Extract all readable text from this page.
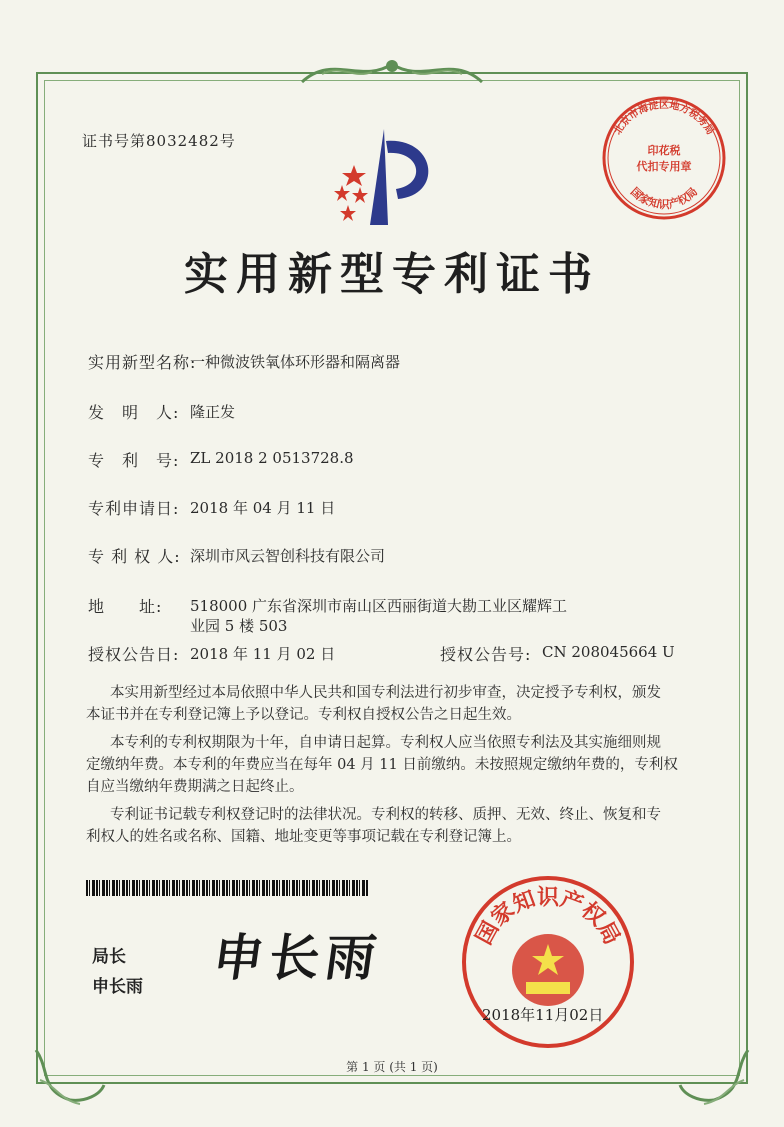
证书号第8032482号
北京市海淀区地方税务局
印花税
代扣专用章
国家知识产权局
实用新型专利证书
实用新型名称:
一种微波铁氧体环形器和隔离器
发　明　人: 隆正发
专　利　号: ZL 2018 2 0513728.8
专利申请日: 2018 年 04 月 11 日
专 利 权 人: 深圳市风云智创科技有限公司
地　　址: 518000 广东省深圳市南山区西丽街道大勘工业区耀辉工
业园 5 楼 503
授权公告日: 2018 年 11 月 02 日	授权公告号: CN 208045664 U
本实用新型经过本局依照中华人民共和国专利法进行初步审查，决定授予专利权，颁发
本证书并在专利登记簿上予以登记。专利权自授权公告之日起生效。
本专利的专利权期限为十年，自申请日起算。专利权人应当依照专利法及其实施细则规
定缴纳年费。本专利的年费应当在每年 04 月 11 日前缴纳。未按照规定缴纳年费的，专利权
自应当缴纳年费期满之日起终止。
专利证书记载专利权登记时的法律状况。专利权的转移、质押、无效、终止、恢复和专
利权人的姓名或名称、国籍、地址变更等事项记载在专利登记簿上。
局长
申长雨 申长雨	国家知识产权局
2018年11月02日
第 1 页 (共 1 页)
